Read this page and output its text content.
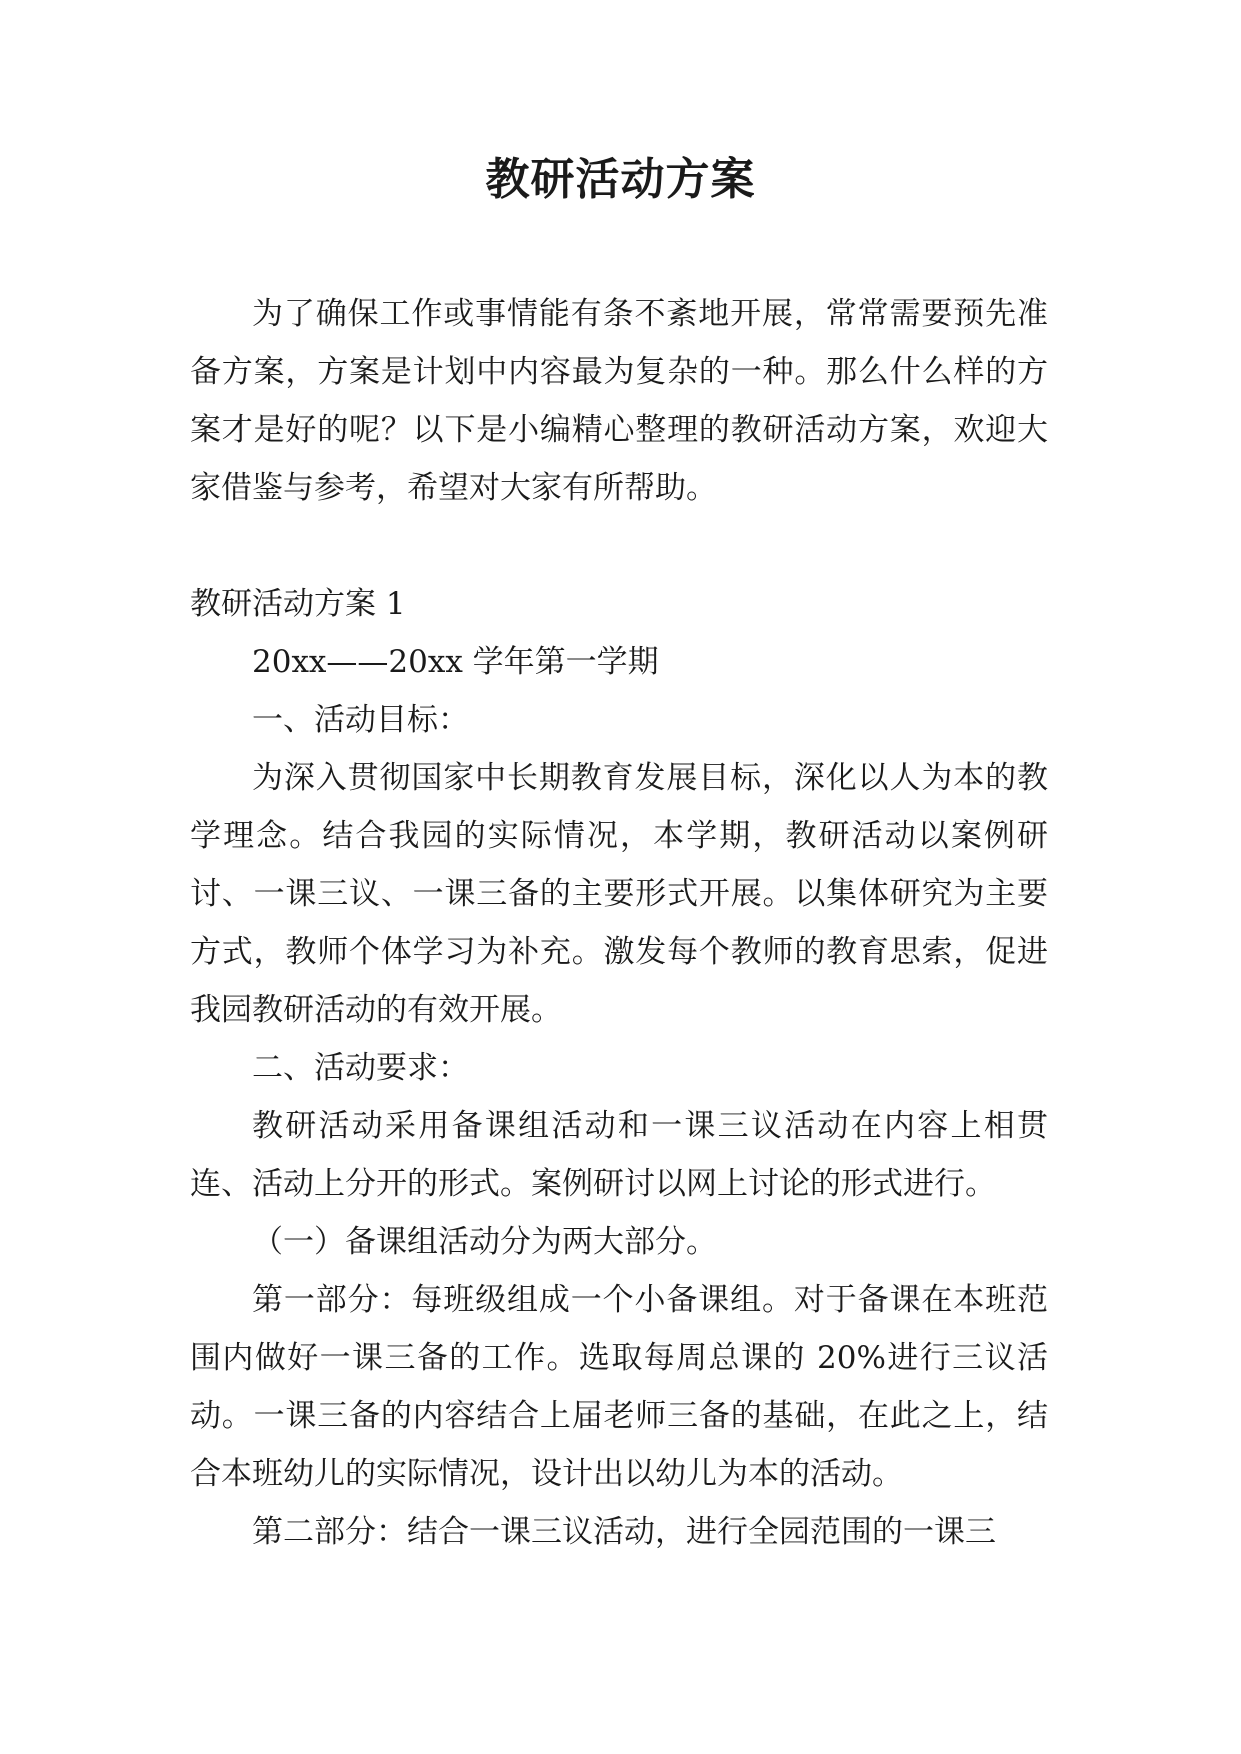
教研活动方案

为了确保工作或事情能有条不紊地开展，常常需要预先准备方案，方案是计划中内容最为复杂的一种。那么什么样的方案才是好的呢？以下是小编精心整理的教研活动方案，欢迎大家借鉴与参考，希望对大家有所帮助。

教研活动方案 1

20xx——20xx 学年第一学期

一、活动目标：

为深入贯彻国家中长期教育发展目标，深化以人为本的教学理念。结合我园的实际情况，本学期，教研活动以案例研讨、一课三议、一课三备的主要形式开展。以集体研究为主要方式，教师个体学习为补充。激发每个教师的教育思索，促进我园教研活动的有效开展。

二、活动要求：

教研活动采用备课组活动和一课三议活动在内容上相贯连、活动上分开的形式。案例研讨以网上讨论的形式进行。

（一）备课组活动分为两大部分。

第一部分：每班级组成一个小备课组。对于备课在本班范围内做好一课三备的工作。选取每周总课的 20%进行三议活动。一课三备的内容结合上届老师三备的基础，在此之上，结合本班幼儿的实际情况，设计出以幼儿为本的活动。

第二部分：结合一课三议活动，进行全园范围的一课三
